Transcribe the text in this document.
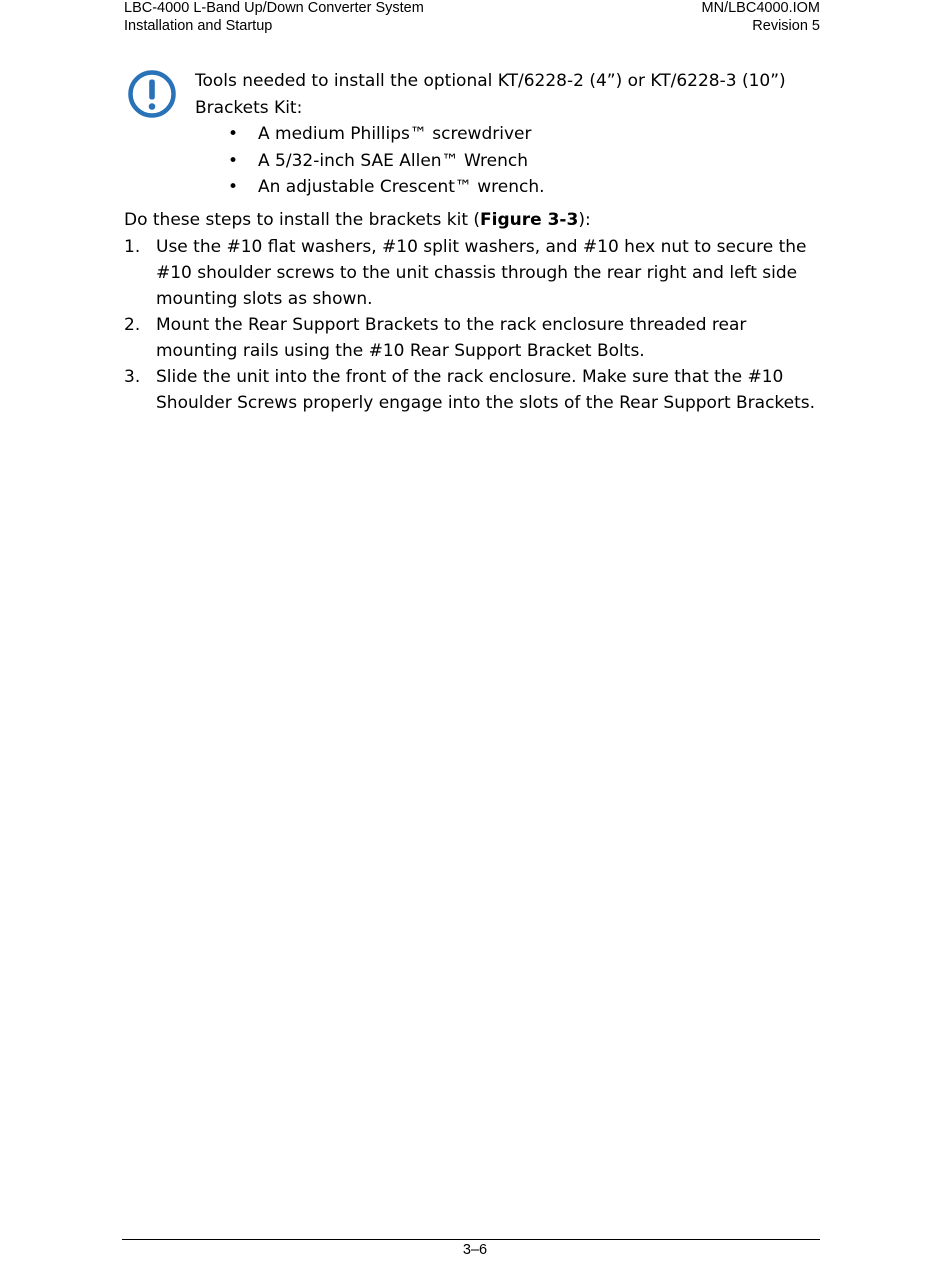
LBC-4000 L-Band Up/Down Converter System
Installation and Startup
MN/LBC4000.IOM
Revision 5

Tools needed to install the optional KT/6228-2 (4”) or KT/6228-3 (10”) Brackets Kit:

• A medium Phillips™ screwdriver
• A 5/32-inch SAE Allen™ Wrench
• An adjustable Crescent™ wrench.

Do these steps to install the brackets kit (Figure 3-3):

1. Use the #10 flat washers, #10 split washers, and #10 hex nut to secure the #10 shoulder screws to the unit chassis through the rear right and left side mounting slots as shown.
2. Mount the Rear Support Brackets to the rack enclosure threaded rear mounting rails using the #10 Rear Support Bracket Bolts.
3. Slide the unit into the front of the rack enclosure. Make sure that the #10 Shoulder Screws properly engage into the slots of the Rear Support Brackets.
3–6
